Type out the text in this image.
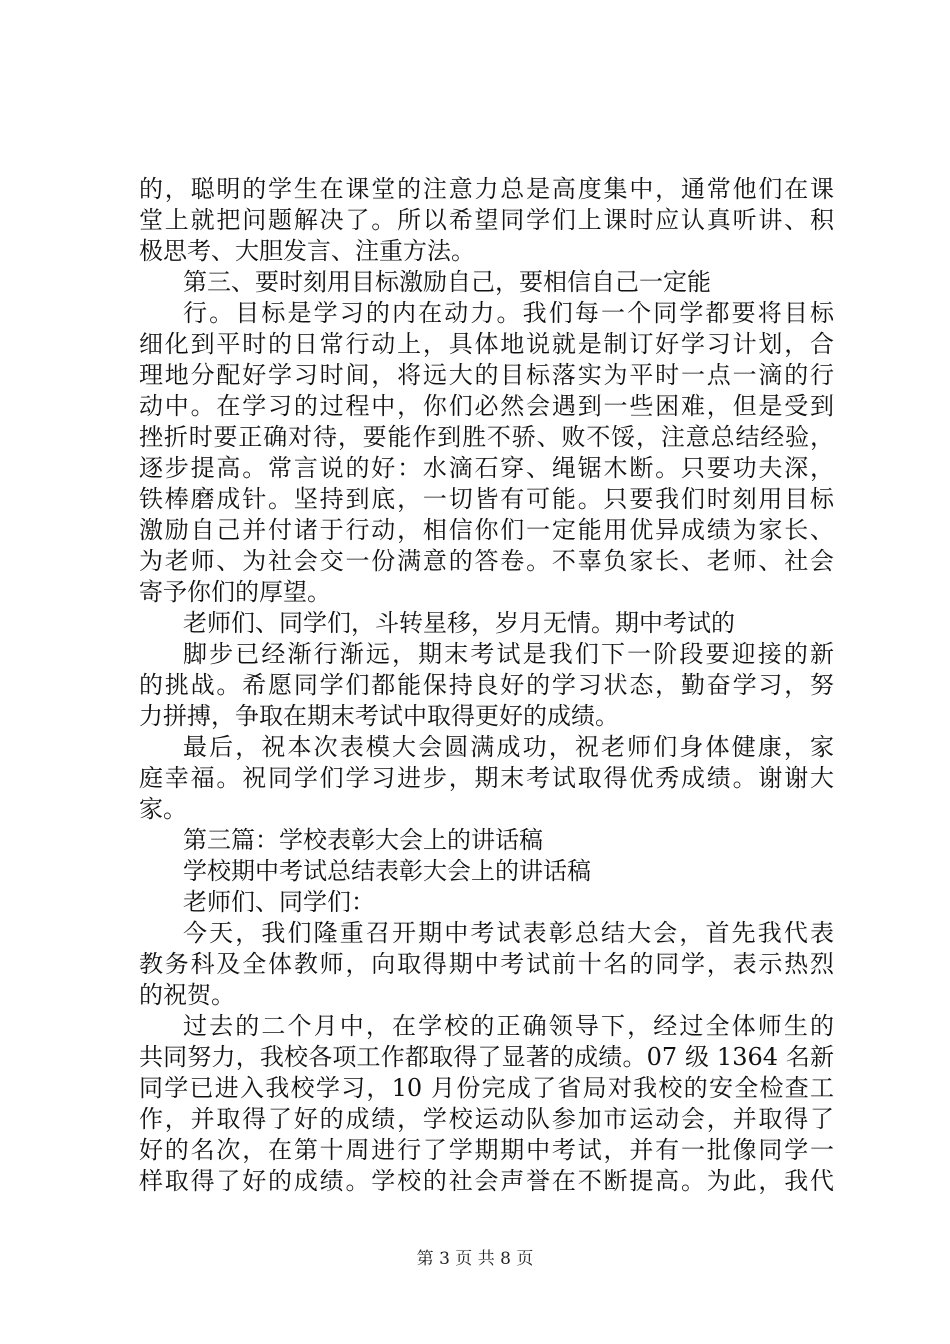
的，聪明的学生在课堂的注意力总是高度集中，通常他们在课
堂上就把问题解决了。所以希望同学们上课时应认真听讲、积
极思考、大胆发言、注重方法。
第三、要时刻用目标激励自己，要相信自己一定能
行。目标是学习的内在动力。我们每一个同学都要将目标
细化到平时的日常行动上，具体地说就是制订好学习计划，合
理地分配好学习时间，将远大的目标落实为平时一点一滴的行
动中。在学习的过程中，你们必然会遇到一些困难，但是受到
挫折时要正确对待，要能作到胜不骄、败不馁，注意总结经验，
逐步提高。常言说的好：水滴石穿、绳锯木断。只要功夫深，
铁棒磨成针。坚持到底，一切皆有可能。只要我们时刻用目标
激励自己并付诸于行动，相信你们一定能用优异成绩为家长、
为老师、为社会交一份满意的答卷。不辜负家长、老师、社会
寄予你们的厚望。
老师们、同学们，斗转星移，岁月无情。期中考试的
脚步已经渐行渐远，期末考试是我们下一阶段要迎接的新
的挑战。希愿同学们都能保持良好的学习状态，勤奋学习，努
力拼搏，争取在期末考试中取得更好的成绩。
最后，祝本次表模大会圆满成功，祝老师们身体健康，家
庭幸福。祝同学们学习进步，期末考试取得优秀成绩。谢谢大
家。
第三篇：学校表彰大会上的讲话稿
学校期中考试总结表彰大会上的讲话稿
老师们、同学们：
今天，我们隆重召开期中考试表彰总结大会，首先我代表
教务科及全体教师，向取得期中考试前十名的同学，表示热烈
的祝贺。
过去的二个月中，在学校的正确领导下，经过全体师生的
共同努力，我校各项工作都取得了显著的成绩。07 级 1364 名新
同学已进入我校学习，10 月份完成了省局对我校的安全检查工
作，并取得了好的成绩，学校运动队参加市运动会，并取得了
好的名次，在第十周进行了学期期中考试，并有一批像同学一
样取得了好的成绩。学校的社会声誉在不断提高。为此，我代
第 3 页 共 8 页
